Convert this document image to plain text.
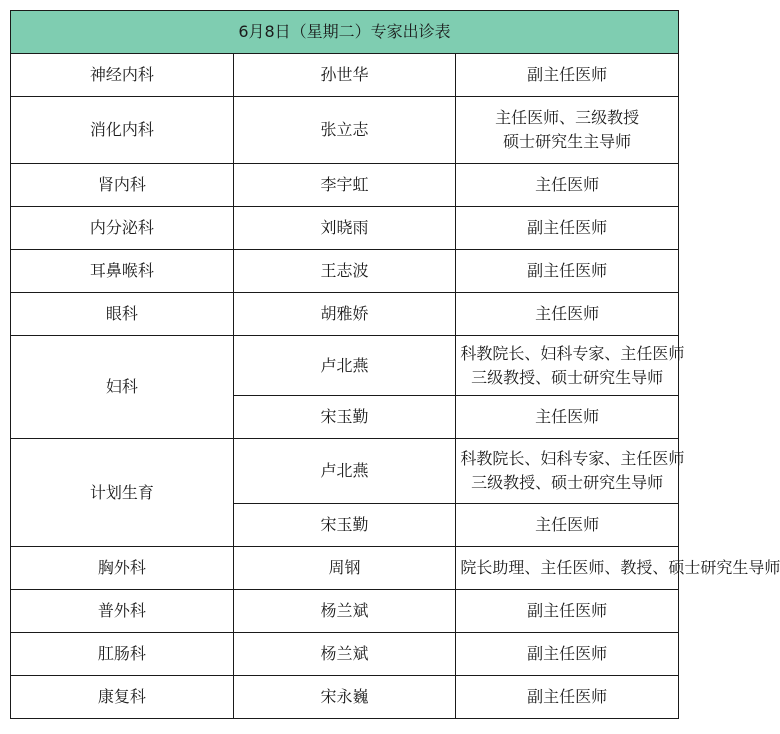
6月8日（星期二）专家出诊表		
神经内科	孙世华	副主任医师

消化内科	张立志	主任医师、三级教授
硕士研究生主导师

肾内科	李宇虹	主任医师

内分泌科	刘晓雨	副主任医师

耳鼻喉科	王志波	副主任医师

眼科	胡雅娇	主任医师

妇科	卢北燕	科教院长、妇科专家、主任医师
三级教授、硕士研究生导师

	宋玉勤	主任医师

计划生育	卢北燕	科教院长、妇科专家、主任医师
三级教授、硕士研究生导师

	宋玉勤	主任医师

胸外科	周钢	院长助理、主任医师、教授、硕士研究生导师

普外科	杨兰斌	副主任医师

肛肠科	杨兰斌	副主任医师

康复科	宋永巍	副主任医师
